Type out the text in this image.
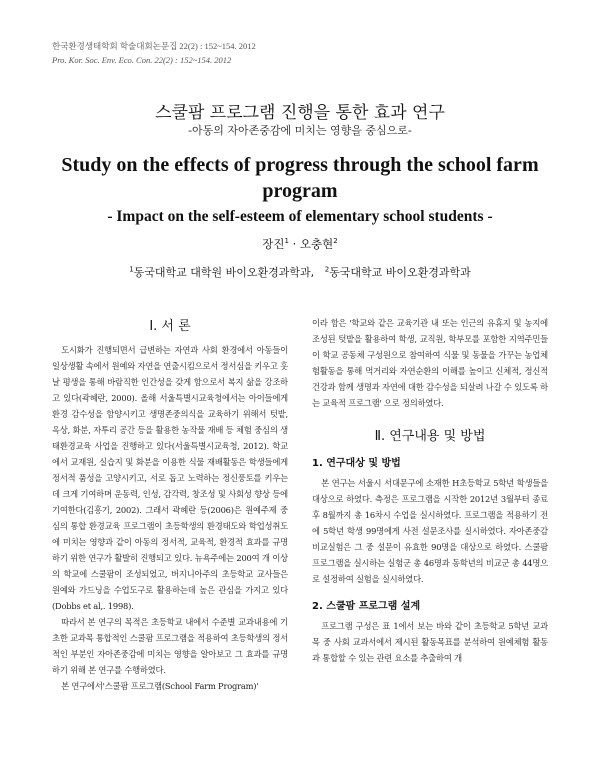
한국환경생태학회 학술대회논문집 22(2) : 152~154. 2012
Pro. Kor. Soc. Env. Eco. Con. 22(2) : 152~154. 2012
스쿨팜 프로그램 진행을 통한 효과 연구
-아동의 자아존중감에 미치는 영향을 중심으로-
Study on the effects of progress through the school farm program
- Impact on the self-esteem of elementary school students -
장진$^1$ · 오충현$^2$
$^1$동국대학교 대학원 바이오환경과학과, $^2$동국대학교 바이오환경과학과
Ⅰ. 서 론

도시화가 진행되면서 급변하는 자연과 사회 환경에서 아동들이 일상생활 속에서 원예와 자연을 연출시킴으로서 정서심을 키우고 훗날 평생을 통해 바람직한 인간성을 갖게 함으로서 복지 삶을 강조하고 있다(곽혜란, 2000). 올해 서울특별시교육청에서는 아이들에게 환경 감수성을 함양시키고 생명존중의식을 교육하기 위해서 텃밭, 옥상, 화분, 자투리 공간 등을 활용한 농작물 재배 등 체험 중심의 생태환경교육 사업을 진행하고 있다(서울특별시교육청, 2012). 학교에서 교재원, 실습지 및 화분을 이용한 식물 재배활동은 학생들에게 정서적 품성을 고양시키고, 서로 돕고 노력하는 정신풍토를 키우는 데 크게 기여하며 운동력, 인성, 감각력, 창조성 및 사회성 향상 등에 기여한다(김흥기, 2002). 그래서 곽혜란 등(2006)은 원예주제 중심의 통합 환경교육 프로그램이 초등학생의 환경태도와 학업성취도에 미치는 영향과 같이 아동의 정서적, 교육적, 환경적 효과를 규명하기 위한 연구가 활발히 진행되고 있다. 뉴욕주에는 200여 개 이상의 학교에 스쿨팜이 조성되었고, 버지니아주의 초등학교 교사들은 원예와 가드닝을 수업도구로 활용하는데 높은 관심을 가지고 있다(Dobbs et al,. 1998).

따라서 본 연구의 목적은 초등학교 내에서 수준별 교과내용에 기초한 교과목 통합적인 스쿨팜 프로그램을 적용하여 초등학생의 정서적인 부분인 자아존중감에 미치는 영향을 알아보고 그 효과를 규명하기 위해 본 연구를 수행하였다.

본 연구에서'스쿨팜 프로그램(School Farm Program)'

이라 함은 '학교와 같은 교육기관 내 또는 인근의 유휴지 및 농지에 조성된 텃밭을 활용하여 학생, 교직원, 학부모를 포함한 지역주민들이 학교 공동체 구성원으로 참여하여 식물 및 동물을 가꾸는 농업체험활동을 통해 먹거리와 자연순환의 이해를 높이고 신체적, 정신적 건강과 함께 생명과 자연에 대한 감수성을 되살려 나갈 수 있도록 하는 교육적 프로그램' 으로 정의하였다.

Ⅱ. 연구내용 및 방법
1. 연구대상 및 방법

본 연구는 서울시 서대문구에 소재한 H초등학교 5학년 학생들을 대상으로 하였다. 측정은 프로그램을 시작한 2012년 3월부터 종료 후 8월까지 총 16차시 수업을 실시하였다. 프로그램을 적용하기 전에 5학년 학생 99명에게 사전 설문조사를 실시하였다. 자아존중감 비교실험은 그 중 설문이 유효한 90명을 대상으로 하였다. 스쿨팜 프로그램을 실시하는 실험군 총 46명과 동학년의 비교군 총 44명으로 설정하여 실험을 실시하였다.

2. 스쿨팜 프로그램 설계

프로그램 구성은 표 1에서 보는 바와 같이 초등학교 5학년 교과목 중 사회 교과서에서 제시된 활동목표를 분석하여 원예체험 활동과 통합할 수 있는 관련 요소를 추출하여 개
